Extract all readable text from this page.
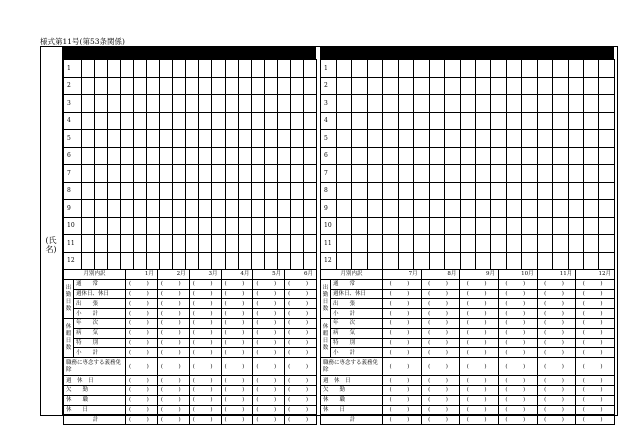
様式第11号(第53条関係)
(氏名)
1																		
2																		
3																		
4																		
5																		
6																		
7																		
8																		
9																		
10																		
11																		
12																		
月別内訳		1月	2月	3月	4月	5月	6月
出勤日数	通　　常	(　)	(　)	(　)	(　)	(　)	(　)
	週休日、休日	(　)	(　)	(　)	(　)	(　)	(　)
	出　　張	(　)	(　)	(　)	(　)	(　)	(　)
	小　　計	(　)	(　)	(　)	(　)	(　)	(　)
休暇日数	年　　次	(　)	(　)	(　)	(　)	(　)	(　)
	病　　気	(　)	(　)	(　)	(　)	(　)	(　)
	特　　別	(　)	(　)	(　)	(　)	(　)	(　)
	小　　計	(　)	(　)	(　)	(　)	(　)	(　)
職務に専念する義務免除		(　)	(　)	(　)	(　)	(　)	(　)
週　休　日		(　)	(　)	(　)	(　)	(　)	(　)
欠　　勤		(　)	(　)	(　)	(　)	(　)	(　)
休　　職		(　)	(　)	(　)	(　)	(　)	(　)
休　　日		(　)	(　)	(　)	(　)	(　)	(　)
計		(　)	(　)	(　)	(　)	(　)	(　)
1																		
2																		
3																		
4																		
5																		
6																		
7																		
8																		
9																		
10																		
11																		
12																		
月別内訳		7月	8月	9月	10月	11月	12月
出勤日数	通　　常	(　)	(　)	(　)	(　)	(　)	(　)
	週休日、休日	(　)	(　)	(　)	(　)	(　)	(　)
	出　　張	(　)	(　)	(　)	(　)	(　)	(　)
	小　　計	(　)	(　)	(　)	(　)	(　)	(　)
休暇日数	年　　次	(　)	(　)	(　)	(　)	(　)	(　)
	病　　気	(　)	(　)	(　)	(　)	(　)	(　)
	特　　別	(　)	(　)	(　)	(　)	(　)	(　)
	小　　計	(　)	(　)	(　)	(　)	(　)	(　)
職務に専念する義務免除		(　)	(　)	(　)	(　)	(　)	(　)
週　休　日		(　)	(　)	(　)	(　)	(　)	(　)
欠　　勤		(　)	(　)	(　)	(　)	(　)	(　)
休　　職		(　)	(　)	(　)	(　)	(　)	(　)
休　　日		(　)	(　)	(　)	(　)	(　)	(　)
計		(　)	(　)	(　)	(　)	(　)	(　)
